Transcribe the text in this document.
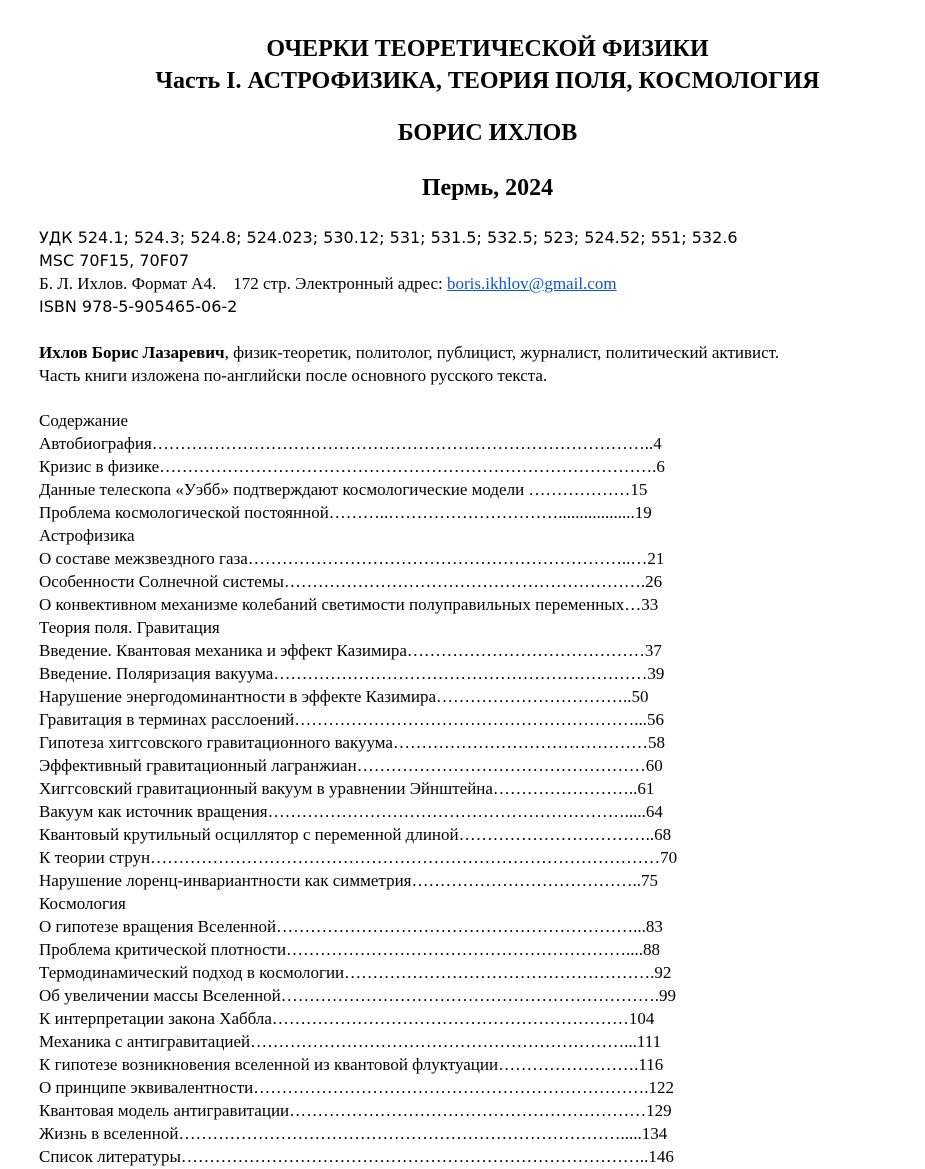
ОЧЕРКИ ТЕОРЕТИЧЕСКОЙ ФИЗИКИ
Часть I. АСТРОФИЗИКА, ТЕОРИЯ ПОЛЯ, КОСМОЛОГИЯ
БОРИС ИХЛОВ
Пермь, 2024
УДК 524.1; 524.3; 524.8; 524.023; 530.12; 531; 531.5; 532.5; 523; 524.52; 551; 532.6
MSC 70F15, 70F07
Б. Л. Ихлов. Формат А4.    172 стр. Электронный адрес: boris.ikhlov@gmail.com
ISBN 978-5-905465-06-2
Ихлов Борис Лазаревич, физик-теоретик, политолог, публицист, журналист, политический активист.
Часть книги изложена по-английски после основного русского текста.
Содержание
Автобиография……………………………………………………………………………..4
Кризис в физике…………………………………………………………………………….6
Данные телескопа «Уэбб» подтверждают космологические модели ………………15
Проблема космологической постоянной………..…………………………..................19
Астрофизика
О составе межзвездного газа…………………………………………………………..…21
Особенности Солнечной системы……………………………………………………….26
О конвективном механизме колебаний светимости полуправильных переменных…33
Теория поля. Гравитация
Введение. Квантовая механика и эффект Казимира……………………………………37
Введение. Поляризация вакуума…………………………………………………………39
Нарушение энергодоминантности в эффекте Казимира……………………………..50
Гравитация в терминах расслоений……………………………………………………...56
Гипотеза хиггсовского гравитационного вакуума………………………………………58
Эффективный гравитационный лагранжиан……………………………………………60
Хиггсовский гравитационный вакуум в уравнении Эйнштейна……………………..61
Вакуум как источник вращения……………………………………………………….....64
Квантовый крутильный осциллятор с переменной длиной……………………………..68
К теории струн………………………………………………………………………………70
Нарушение лоренц-инвариантности как симметрия…………………………………..75
Космология
О гипотезе вращения Вселенной………………………………………………………...83
Проблема критической плотности……………………………………………………....88
Термодинамический подход в космологии……………………………………………….92
Об увеличении массы Вселенной………………………………………………………….99
К интерпретации закона Хаббла………………………………………………………104
Механика с антигравитацией…………………………………………………………...111
К гипотезе возникновения вселенной из квантовой флуктуации…………………….116
О принципе эквивалентности…………………………………………………………….122
Квантовая модель антигравитации………………………………………………………129
Жизнь в вселенной…………………………………………………………………….....134
Список литературы………………………………………………………………………..146
